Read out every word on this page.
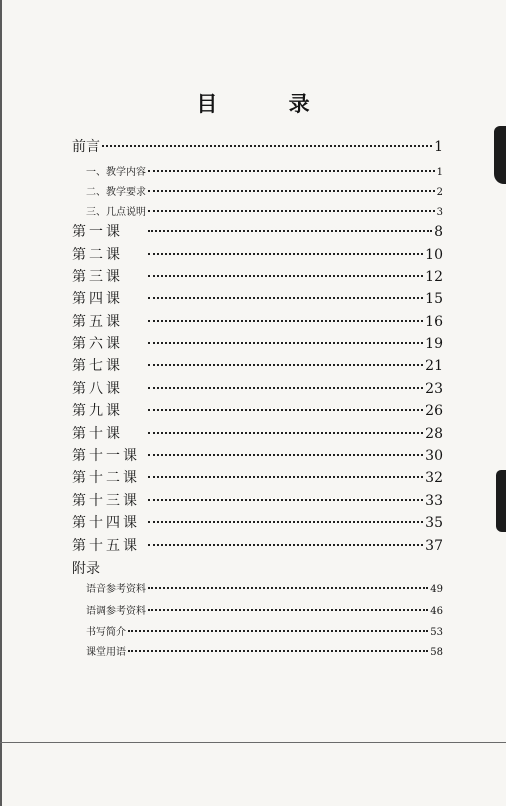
目 录
前言	1
一、教学内容	1
二、教学要求	2
三、几点说明	3
第一课	8
第二课	10
第三课	12
第四课	15
第五课	16
第六课	19
第七课	21
第八课	23
第九课	26
第十课	28
第十一课	30
第十二课	32
第十三课	33
第十四课	35
第十五课	37
附录
语音参考资料	49
语调参考资料	46
书写简介	53
课堂用语	58
